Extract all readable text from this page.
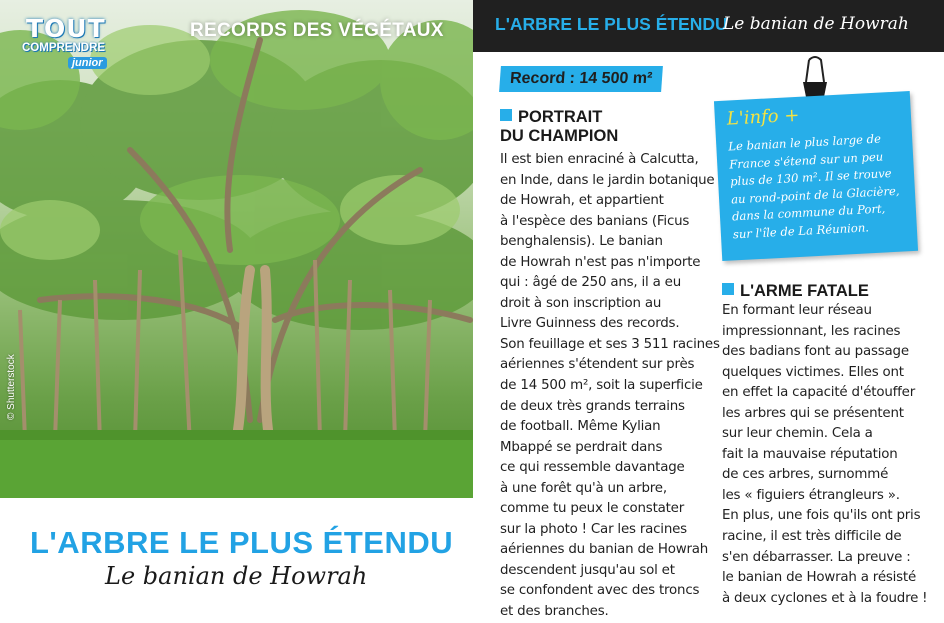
TOUT
COMPRENDRE
junior
RECORDS DES VÉGÉTAUX
© Shutterstock
L'ARBRE LE PLUS ÉTENDU
Le banian de Howrah
L'ARBRE LE PLUS ÉTENDU
Le banian de Howrah
Record : 14 500 m²
PORTRAIT
DU CHAMPION
Il est bien enraciné à Calcutta,
en Inde, dans le jardin botanique
de Howrah, et appartient
à l'espèce des banians (Ficus
benghalensis). Le banian
de Howrah n'est pas n'importe
qui : âgé de 250 ans, il a eu
droit à son inscription au
Livre Guinness des records.
Son feuillage et ses 3 511 racines
aériennes s'étendent sur près
de 14 500 m², soit la superficie
de deux très grands terrains
de football. Même Kylian
Mbappé se perdrait dans
ce qui ressemble davantage
à une forêt qu'à un arbre,
comme tu peux le constater
sur la photo ! Car les racines
aériennes du banian de Howrah
descendent jusqu'au sol et
se confondent avec des troncs
et des branches.
L'info +
Le banian le plus large de
France s'étend sur un peu
plus de 130 m². Il se trouve
au rond-point de la Glacière,
dans la commune du Port,
sur l'île de La Réunion.
L'ARME FATALE
En formant leur réseau
impressionnant, les racines
des badians font au passage
quelques victimes. Elles ont
en effet la capacité d'étouffer
les arbres qui se présentent
sur leur chemin. Cela a
fait la mauvaise réputation
de ces arbres, surnommé
les « figuiers étrangleurs ».
En plus, une fois qu'ils ont pris
racine, il est très difficile de
s'en débarrasser. La preuve :
le banian de Howrah a résisté
à deux cyclones et à la foudre !
